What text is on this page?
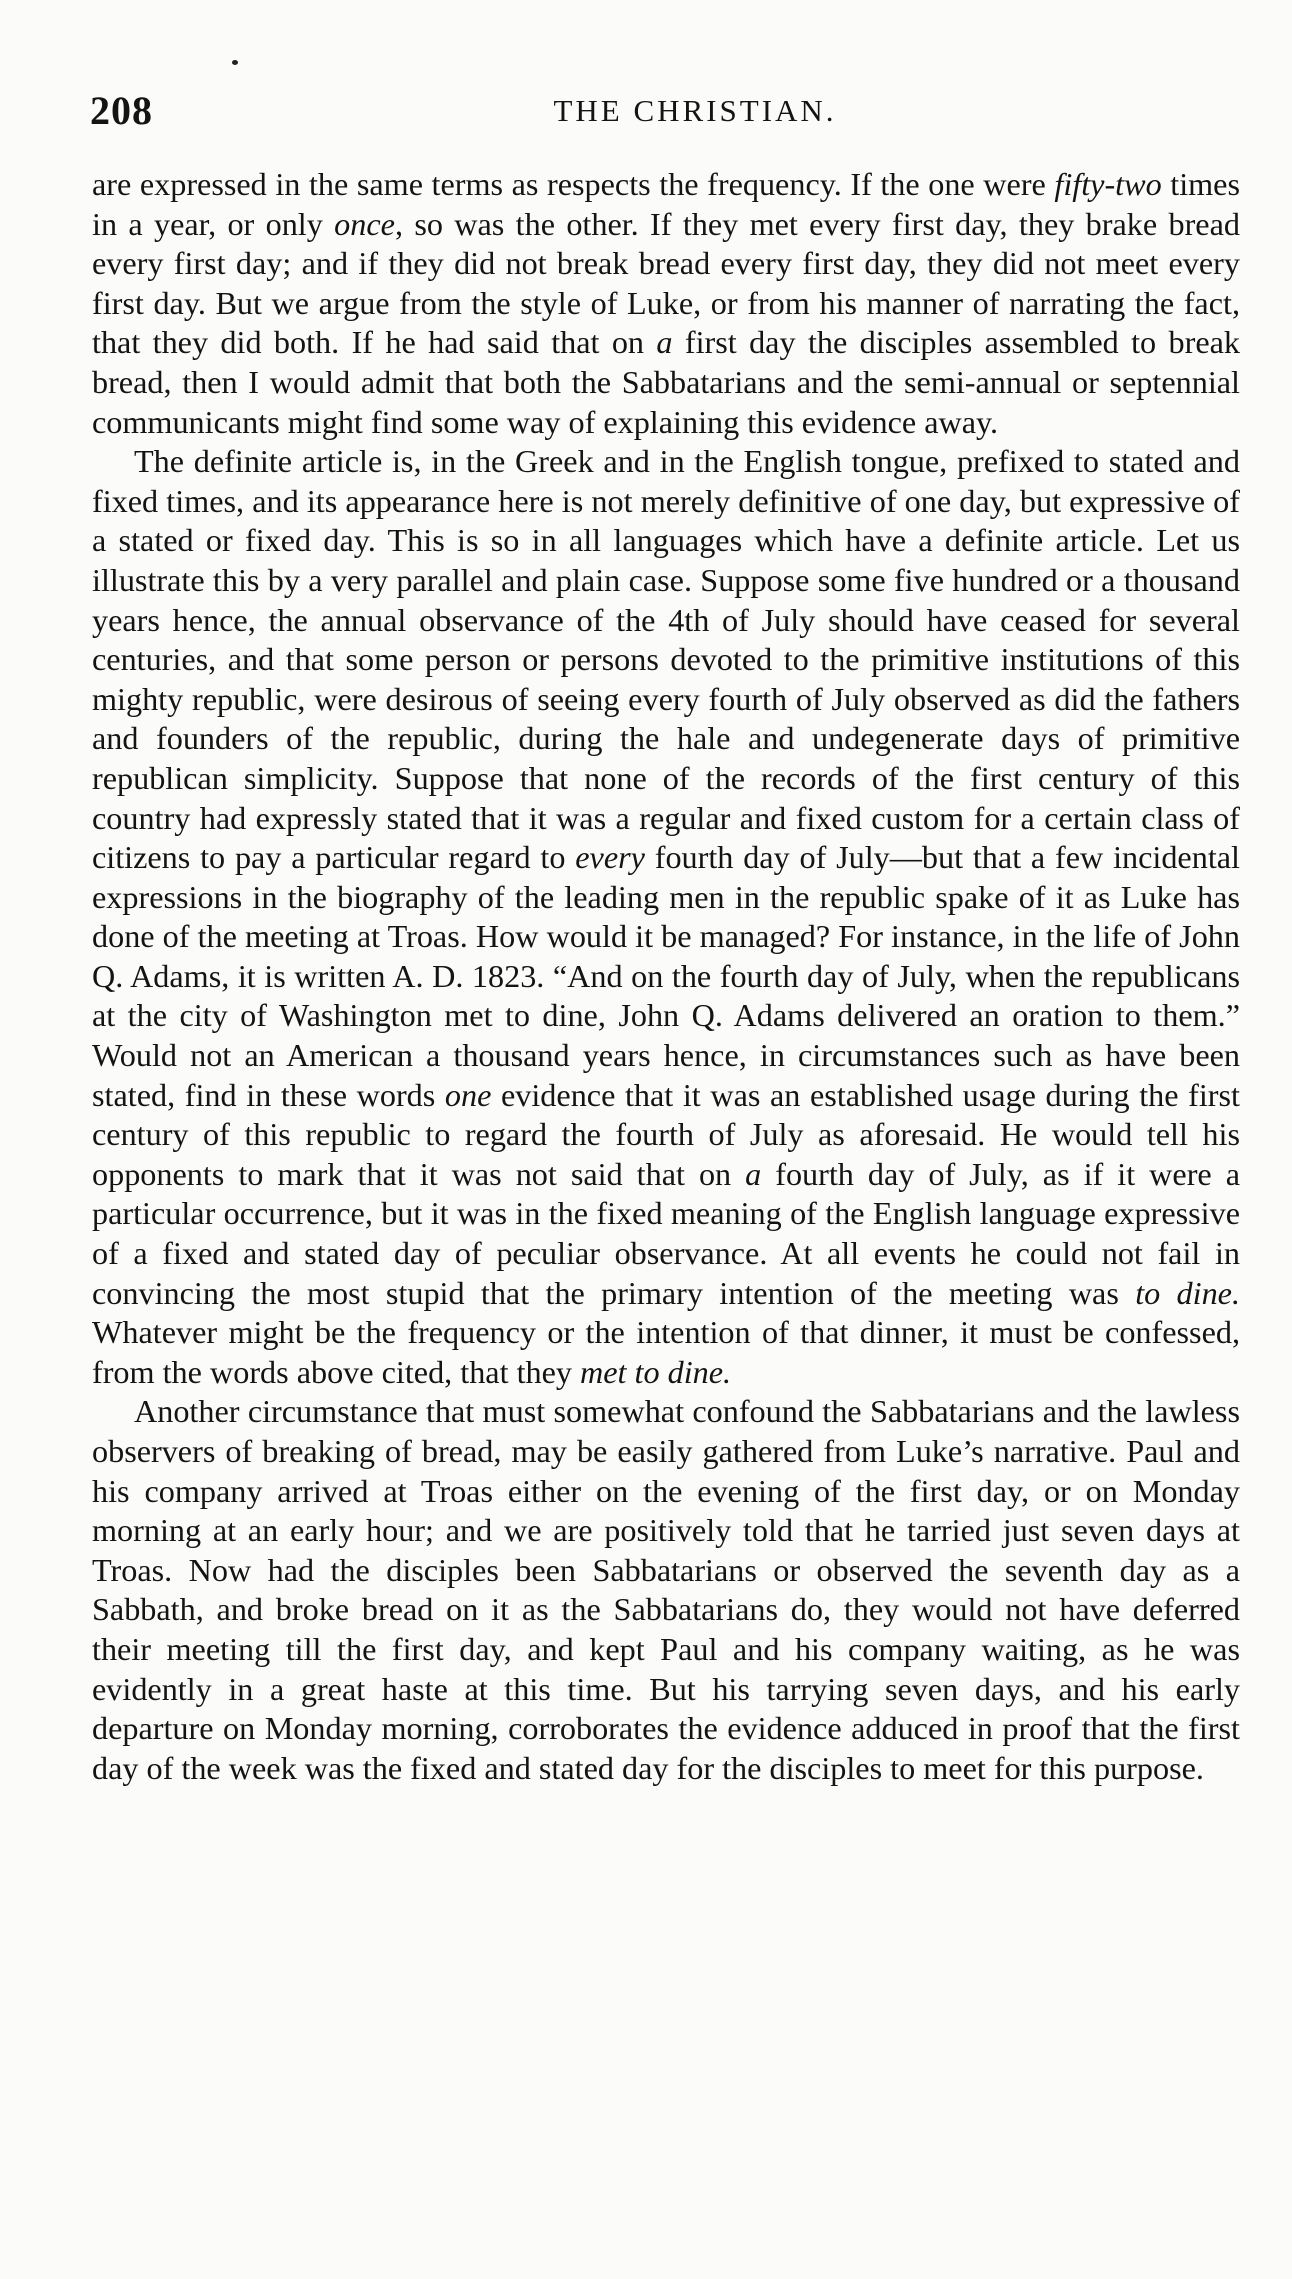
208	THE CHRISTIAN.

are expressed in the same terms as respects the frequency. If the one were fifty-two times in a year, or only once, so was the other. If they met every first day, they brake bread every first day; and if they did not break bread every first day, they did not meet every first day. But we argue from the style of Luke, or from his manner of narrating the fact, that they did both. If he had said that on a first day the disciples assembled to break bread, then I would admit that both the Sabbatarians and the semi-annual or septennial communicants might find some way of explaining this evidence away.

The definite article is, in the Greek and in the English tongue, prefixed to stated and fixed times, and its appearance here is not merely definitive of one day, but expressive of a stated or fixed day. This is so in all languages which have a definite article. Let us illustrate this by a very parallel and plain case. Suppose some five hundred or a thousand years hence, the annual observance of the 4th of July should have ceased for several centuries, and that some person or persons devoted to the primitive institutions of this mighty republic, were desirous of seeing every fourth of July observed as did the fathers and founders of the republic, during the hale and undegenerate days of primitive republican simplicity. Suppose that none of the records of the first century of this country had expressly stated that it was a regular and fixed custom for a certain class of citizens to pay a particular regard to every fourth day of July—but that a few incidental expressions in the biography of the leading men in the republic spake of it as Luke has done of the meeting at Troas. How would it be managed? For instance, in the life of John Q. Adams, it is written A. D. 1823. “And on the fourth day of July, when the republicans at the city of Washington met to dine, John Q. Adams delivered an oration to them.” Would not an American a thousand years hence, in circumstances such as have been stated, find in these words one evidence that it was an established usage during the first century of this republic to regard the fourth of July as aforesaid. He would tell his opponents to mark that it was not said that on a fourth day of July, as if it were a particular occurrence, but it was in the fixed meaning of the English language expressive of a fixed and stated day of peculiar observance. At all events he could not fail in convincing the most stupid that the primary intention of the meeting was to dine. Whatever might be the frequency or the intention of that dinner, it must be confessed, from the words above cited, that they met to dine.

Another circumstance that must somewhat confound the Sabbatarians and the lawless observers of breaking of bread, may be easily gathered from Luke’s narrative. Paul and his company arrived at Troas either on the evening of the first day, or on Monday morning at an early hour; and we are positively told that he tarried just seven days at Troas. Now had the disciples been Sabbatarians or observed the seventh day as a Sabbath, and broke bread on it as the Sabbatarians do, they would not have deferred their meeting till the first day, and kept Paul and his company waiting, as he was evidently in a great haste at this time. But his tarrying seven days, and his early departure on Monday morning, corroborates the evidence adduced in proof that the first day of the week was the fixed and stated day for the disciples to meet for this purpose.
